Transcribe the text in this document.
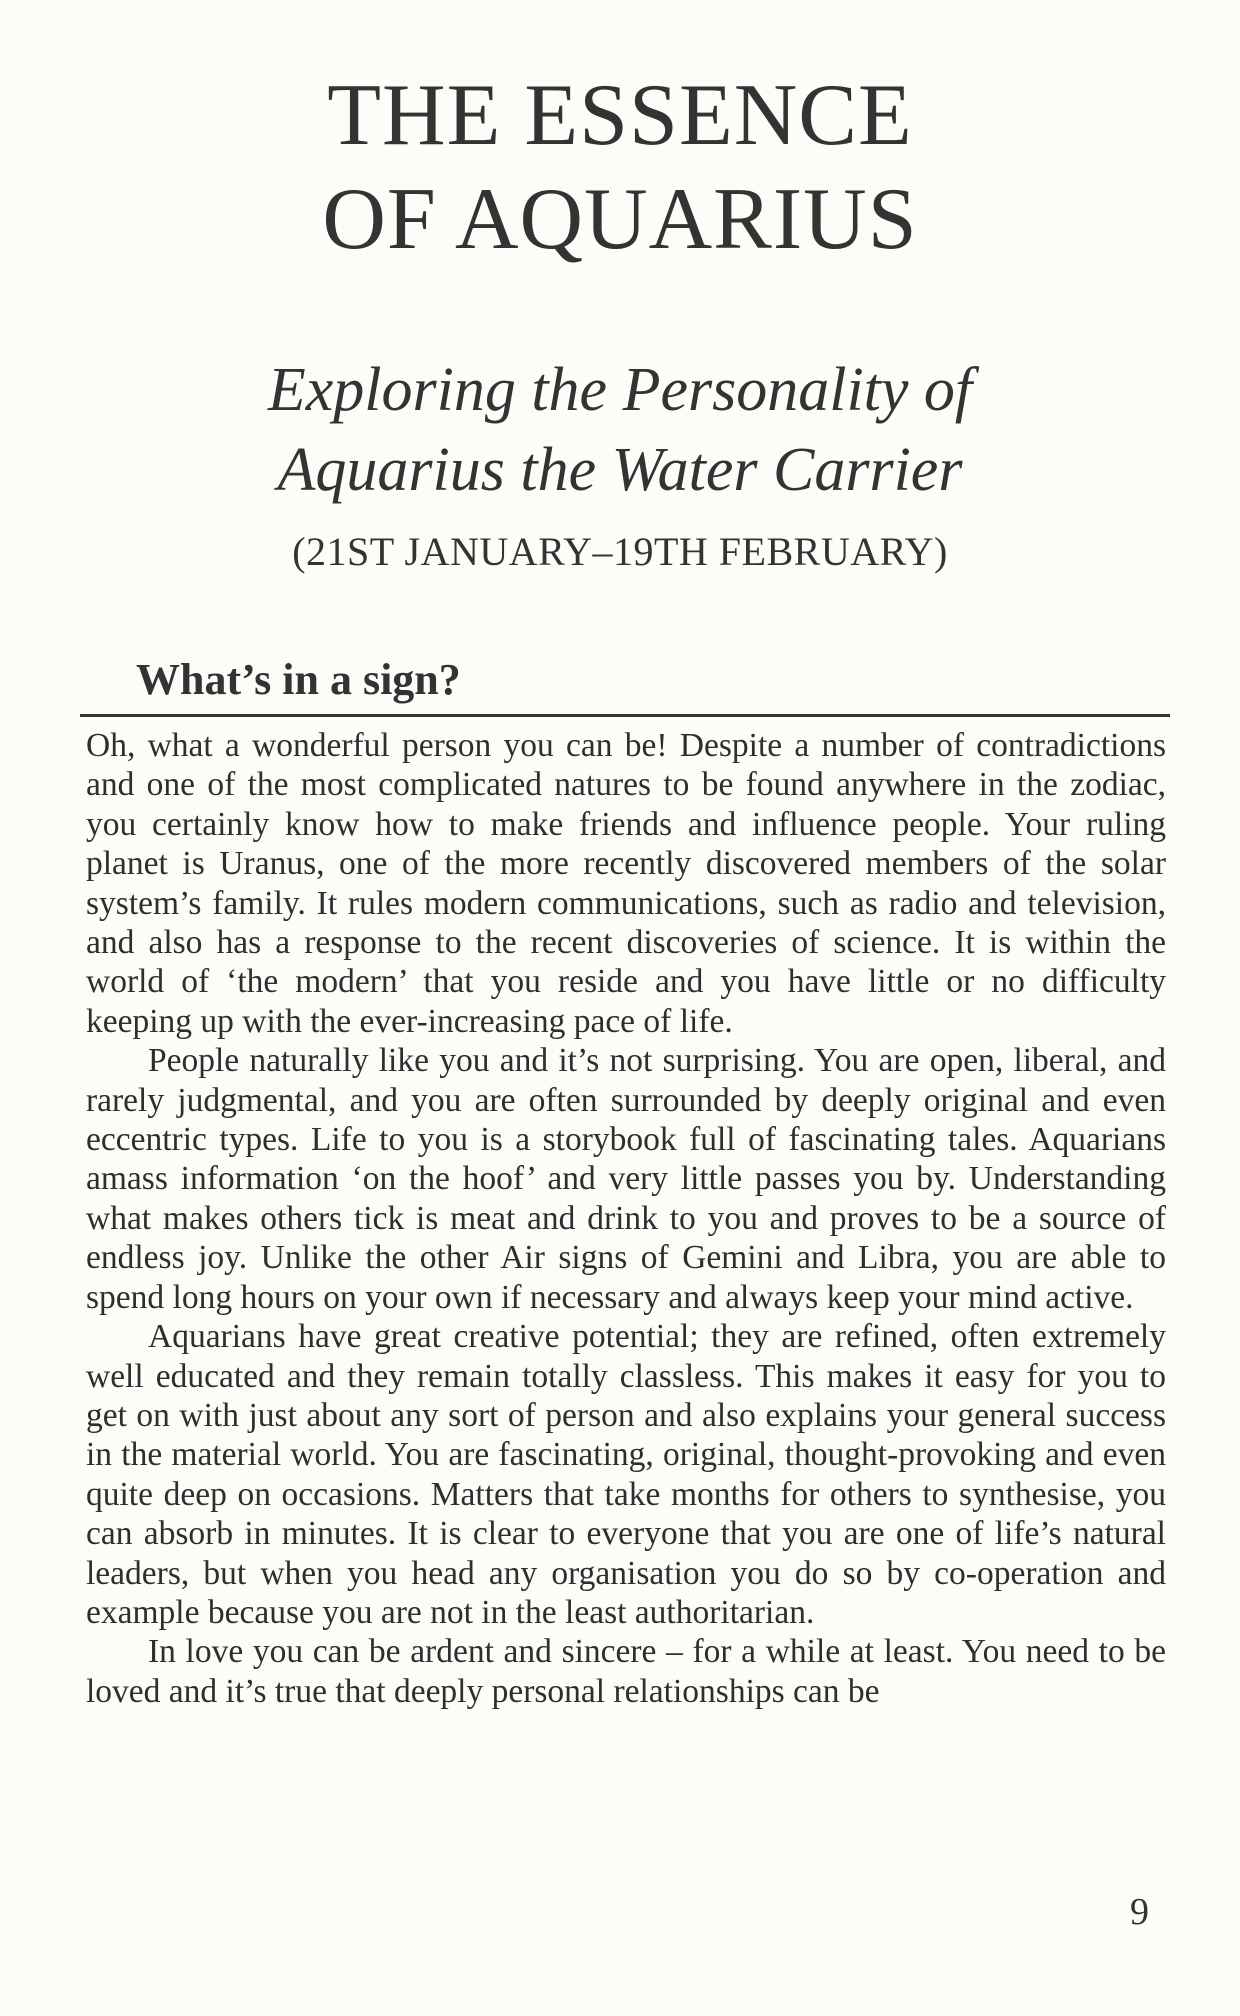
THE ESSENCE
OF AQUARIUS
Exploring the Personality of
Aquarius the Water Carrier
(21ST JANUARY–19TH FEBRUARY)
What’s in a sign?

Oh, what a wonderful person you can be! Despite a number of contradictions and one of the most complicated natures to be found anywhere in the zodiac, you certainly know how to make friends and influence people. Your ruling planet is Uranus, one of the more recently discovered members of the solar system’s family. It rules modern communications, such as radio and television, and also has a response to the recent discoveries of science. It is within the world of ‘the modern’ that you reside and you have little or no difficulty keeping up with the ever-increasing pace of life.

People naturally like you and it’s not surprising. You are open, liberal, and rarely judgmental, and you are often surrounded by deeply original and even eccentric types. Life to you is a storybook full of fascinating tales. Aquarians amass information ‘on the hoof’ and very little passes you by. Understanding what makes others tick is meat and drink to you and proves to be a source of endless joy. Unlike the other Air signs of Gemini and Libra, you are able to spend long hours on your own if necessary and always keep your mind active.

Aquarians have great creative potential; they are refined, often extremely well educated and they remain totally classless. This makes it easy for you to get on with just about any sort of person and also explains your general success in the material world. You are fascinating, original, thought-provoking and even quite deep on occasions. Matters that take months for others to synthesise, you can absorb in minutes. It is clear to everyone that you are one of life’s natural leaders, but when you head any organisation you do so by co-operation and example because you are not in the least authoritarian.

In love you can be ardent and sincere – for a while at least. You need to be loved and it’s true that deeply personal relationships can be

9
